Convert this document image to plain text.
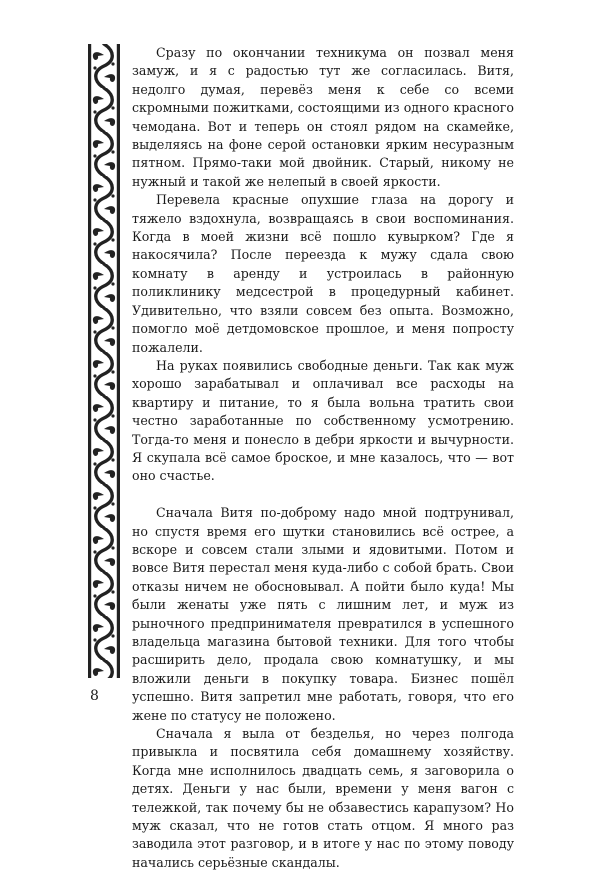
Сразу по окончании техникума он позвал меня замуж, и я с радостью тут же согласилась. Витя, недолго думая, перевёз меня к себе со всеми скромными пожитками, состоящими из одного красного чемодана. Вот и теперь он стоял рядом на скамейке, выделяясь на фоне серой остановки ярким несуразным пятном. Прямо-таки мой двойник. Старый, никому не нужный и такой же нелепый в своей яркости.

Перевела красные опухшие глаза на дорогу и тяжело вздохнула, возвращаясь в свои воспоминания. Когда в моей жизни всё пошло кувырком? Где я накосячила? После переезда к мужу сдала свою комнату в аренду и устроилась в районную поликлинику медсестрой в процедурный кабинет. Удивительно, что взяли совсем без опыта. Возможно, помогло моё детдомовское прошлое, и меня попросту пожалели.

На руках появились свободные деньги. Так как муж хорошо зарабатывал и оплачивал все расходы на квартиру и питание, то я была вольна тратить свои честно заработанные по собственному усмотрению. Тогда-то меня и понесло в дебри яркости и вычурности. Я скупала всё самое броское, и мне казалось, что — вот оно счастье.

Сначала Витя по-доброму надо мной подтрунивал, но спустя время его шутки становились всё острее, а вскоре и совсем стали злыми и ядовитыми. Потом и вовсе Витя перестал меня куда-либо с собой брать. Свои отказы ничем не обосновывал. А пойти было куда! Мы были женаты уже пять с лишним лет, и муж из рыночного предпринимателя превратился в успешного владельца магазина бытовой техники. Для того чтобы расширить дело, продала свою комнатушку, и мы вложили деньги в покупку товара. Бизнес пошёл успешно. Витя запретил мне работать, говоря, что его жене по статусу не положено.

Сначала я выла от безделья, но через полгода привыкла и посвятила себя домашнему хозяйству. Когда мне исполнилось двадцать семь, я заговорила о детях. Деньги у нас были, времени у меня вагон с тележкой, так почему бы не обзавестись карапузом? Но муж сказал, что не готов стать отцом. Я много раз заводила этот разговор, и в итоге у нас по этому поводу начались серьёзные скандалы.

8
